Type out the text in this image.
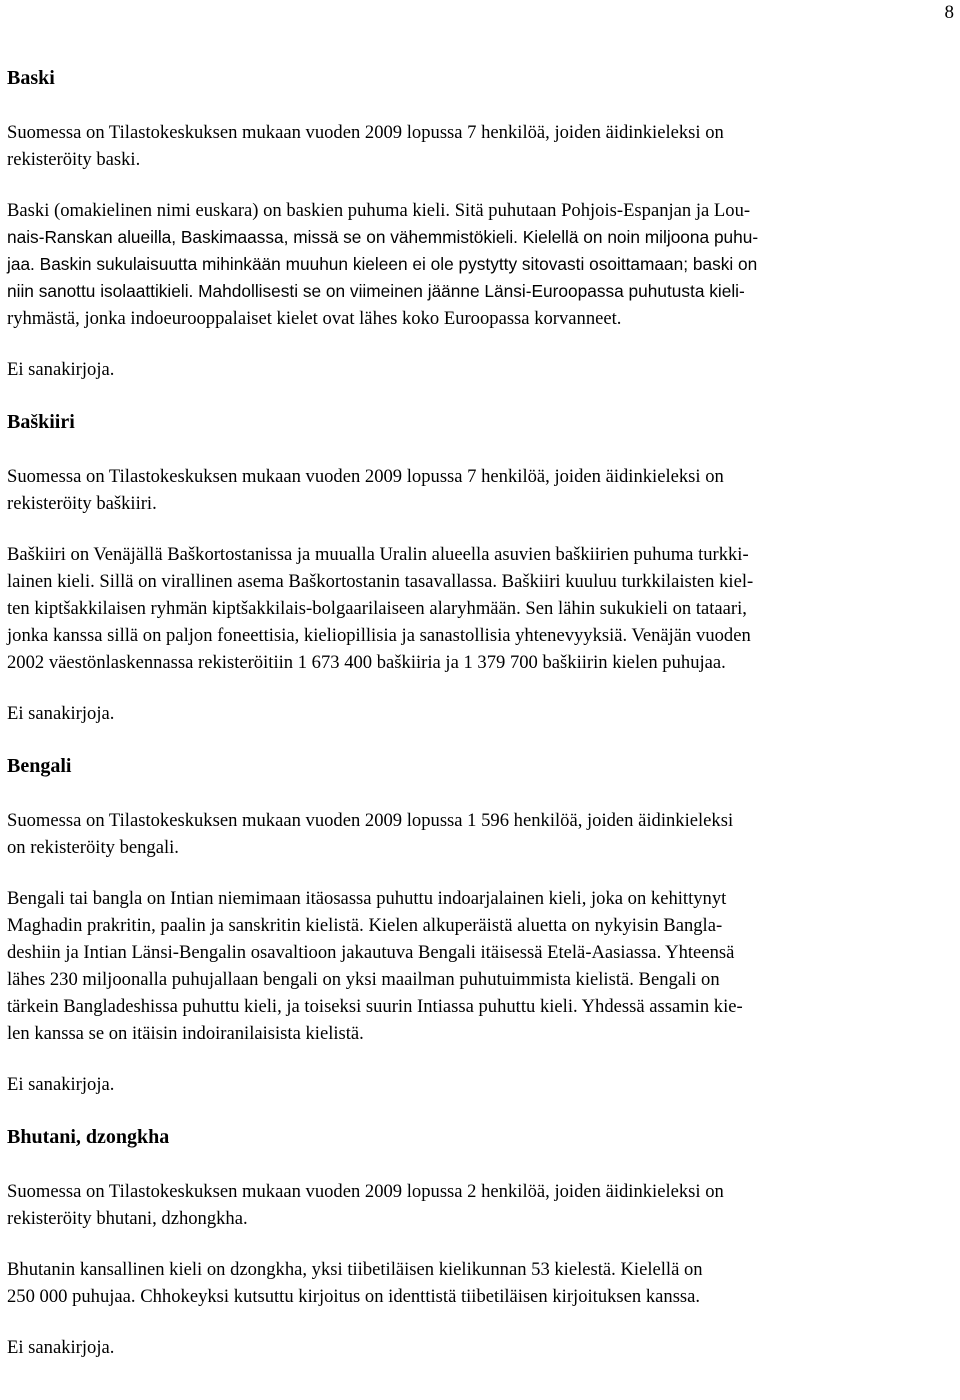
8
Baski
Suomessa on Tilastokeskuksen mukaan vuoden 2009 lopussa 7 henkilöä, joiden äidinkieleksi on
rekisteröity baski.
Baski (omakielinen nimi euskara) on baskien puhuma kieli. Sitä puhutaan Pohjois-Espanjan ja Lou-
nais-Ranskan alueilla, Baskimaassa, missä se on vähemmistökieli. Kielellä on noin miljoona puhu-
jaa. Baskin sukulaisuutta mihinkään muuhun kieleen ei ole pystytty sitovasti osoittamaan; baski on
niin sanottu isolaattikieli. Mahdollisesti se on viimeinen jäänne Länsi-Euroopassa puhutusta kieli-
ryhmästä, jonka indoeurooppalaiset kielet ovat lähes koko Euroopassa korvanneet.
Ei sanakirjoja.
Baškiiri
Suomessa on Tilastokeskuksen mukaan vuoden 2009 lopussa 7 henkilöä, joiden äidinkieleksi on
rekisteröity baškiiri.
Baškiiri on Venäjällä Baškortostanissa ja muualla Uralin alueella asuvien baškiirien puhuma turkki-
lainen kieli. Sillä on virallinen asema Baškortostanin tasavallassa. Baškiiri kuuluu turkkilaisten kiel-
ten kiptšakkilaisen ryhmän kiptšakkilais-bolgaarilaiseen alaryhmään. Sen lähin sukukieli on tataari,
jonka kanssa sillä on paljon foneettisia, kieliopillisia ja sanastollisia yhtenevyyksiä. Venäjän vuoden
2002 väestönlaskennassa rekisteröitiin 1 673 400 baškiiria ja 1 379 700 baškiirin kielen puhujaa.
Ei sanakirjoja.
Bengali
Suomessa on Tilastokeskuksen mukaan vuoden 2009 lopussa 1 596 henkilöä, joiden äidinkieleksi
on rekisteröity bengali.
Bengali tai bangla on Intian niemimaan itäosassa puhuttu indoarjalainen kieli, joka on kehittynyt
Maghadin prakritin, paalin ja sanskritin kielistä. Kielen alkuperäistä aluetta on nykyisin Bangla-
deshiin ja Intian Länsi-Bengalin osavaltioon jakautuva Bengali itäisessä Etelä-Aasiassa. Yhteensä
lähes 230 miljoonalla puhujallaan bengali on yksi maailman puhutuimmista kielistä. Bengali on
tärkein Bangladeshissa puhuttu kieli, ja toiseksi suurin Intiassa puhuttu kieli. Yhdessä assamin kie-
len kanssa se on itäisin indoiranilaisista kielistä.
Ei sanakirjoja.
Bhutani, dzongkha
Suomessa on Tilastokeskuksen mukaan vuoden 2009 lopussa 2 henkilöä, joiden äidinkieleksi on
rekisteröity bhutani, dzhongkha.
Bhutanin kansallinen kieli on dzongkha, yksi tiibetiläisen kielikunnan 53 kielestä. Kielellä on
250 000 puhujaa. Chhokeyksi kutsuttu kirjoitus on identtistä tiibetiläisen kirjoituksen kanssa.
Ei sanakirjoja.
